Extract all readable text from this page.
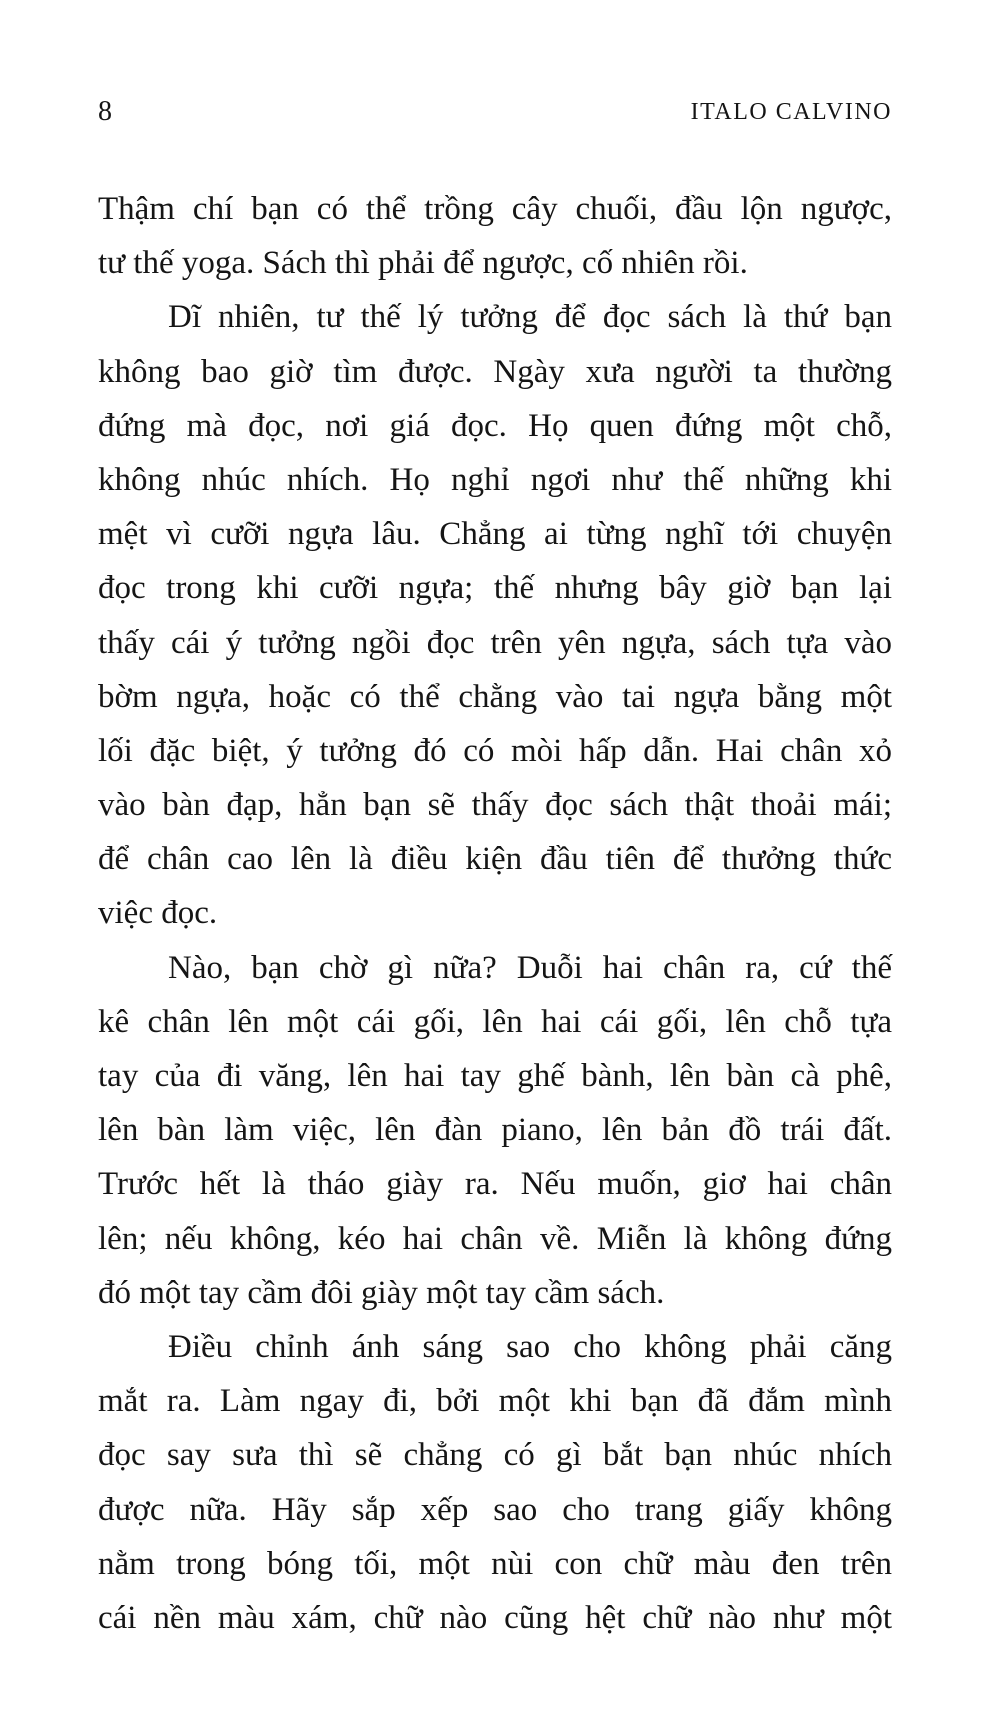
8	ITALO CALVINO
Thậm chí bạn có thể trồng cây chuối, đầu lộn ngược,
tư thế yoga. Sách thì phải để ngược, cố nhiên rồi.
Dĩ nhiên, tư thế lý tưởng để đọc sách là thứ bạn
không bao giờ tìm được. Ngày xưa người ta thường
đứng mà đọc, nơi giá đọc. Họ quen đứng một chỗ,
không nhúc nhích. Họ nghỉ ngơi như thế những khi
mệt vì cưỡi ngựa lâu. Chẳng ai từng nghĩ tới chuyện
đọc trong khi cưỡi ngựa; thế nhưng bây giờ bạn lại
thấy cái ý tưởng ngồi đọc trên yên ngựa, sách tựa vào
bờm ngựa, hoặc có thể chằng vào tai ngựa bằng một
lối đặc biệt, ý tưởng đó có mòi hấp dẫn. Hai chân xỏ
vào bàn đạp, hẳn bạn sẽ thấy đọc sách thật thoải mái;
để chân cao lên là điều kiện đầu tiên để thưởng thức
việc đọc.
Nào, bạn chờ gì nữa? Duỗi hai chân ra, cứ thế
kê chân lên một cái gối, lên hai cái gối, lên chỗ tựa
tay của đi văng, lên hai tay ghế bành, lên bàn cà phê,
lên bàn làm việc, lên đàn piano, lên bản đồ trái đất.
Trước hết là tháo giày ra. Nếu muốn, giơ hai chân
lên; nếu không, kéo hai chân về. Miễn là không đứng
đó một tay cầm đôi giày một tay cầm sách.
Điều chỉnh ánh sáng sao cho không phải căng
mắt ra. Làm ngay đi, bởi một khi bạn đã đắm mình
đọc say sưa thì sẽ chẳng có gì bắt bạn nhúc nhích
được nữa. Hãy sắp xếp sao cho trang giấy không
nằm trong bóng tối, một nùi con chữ màu đen trên
cái nền màu xám, chữ nào cũng hệt chữ nào như một
